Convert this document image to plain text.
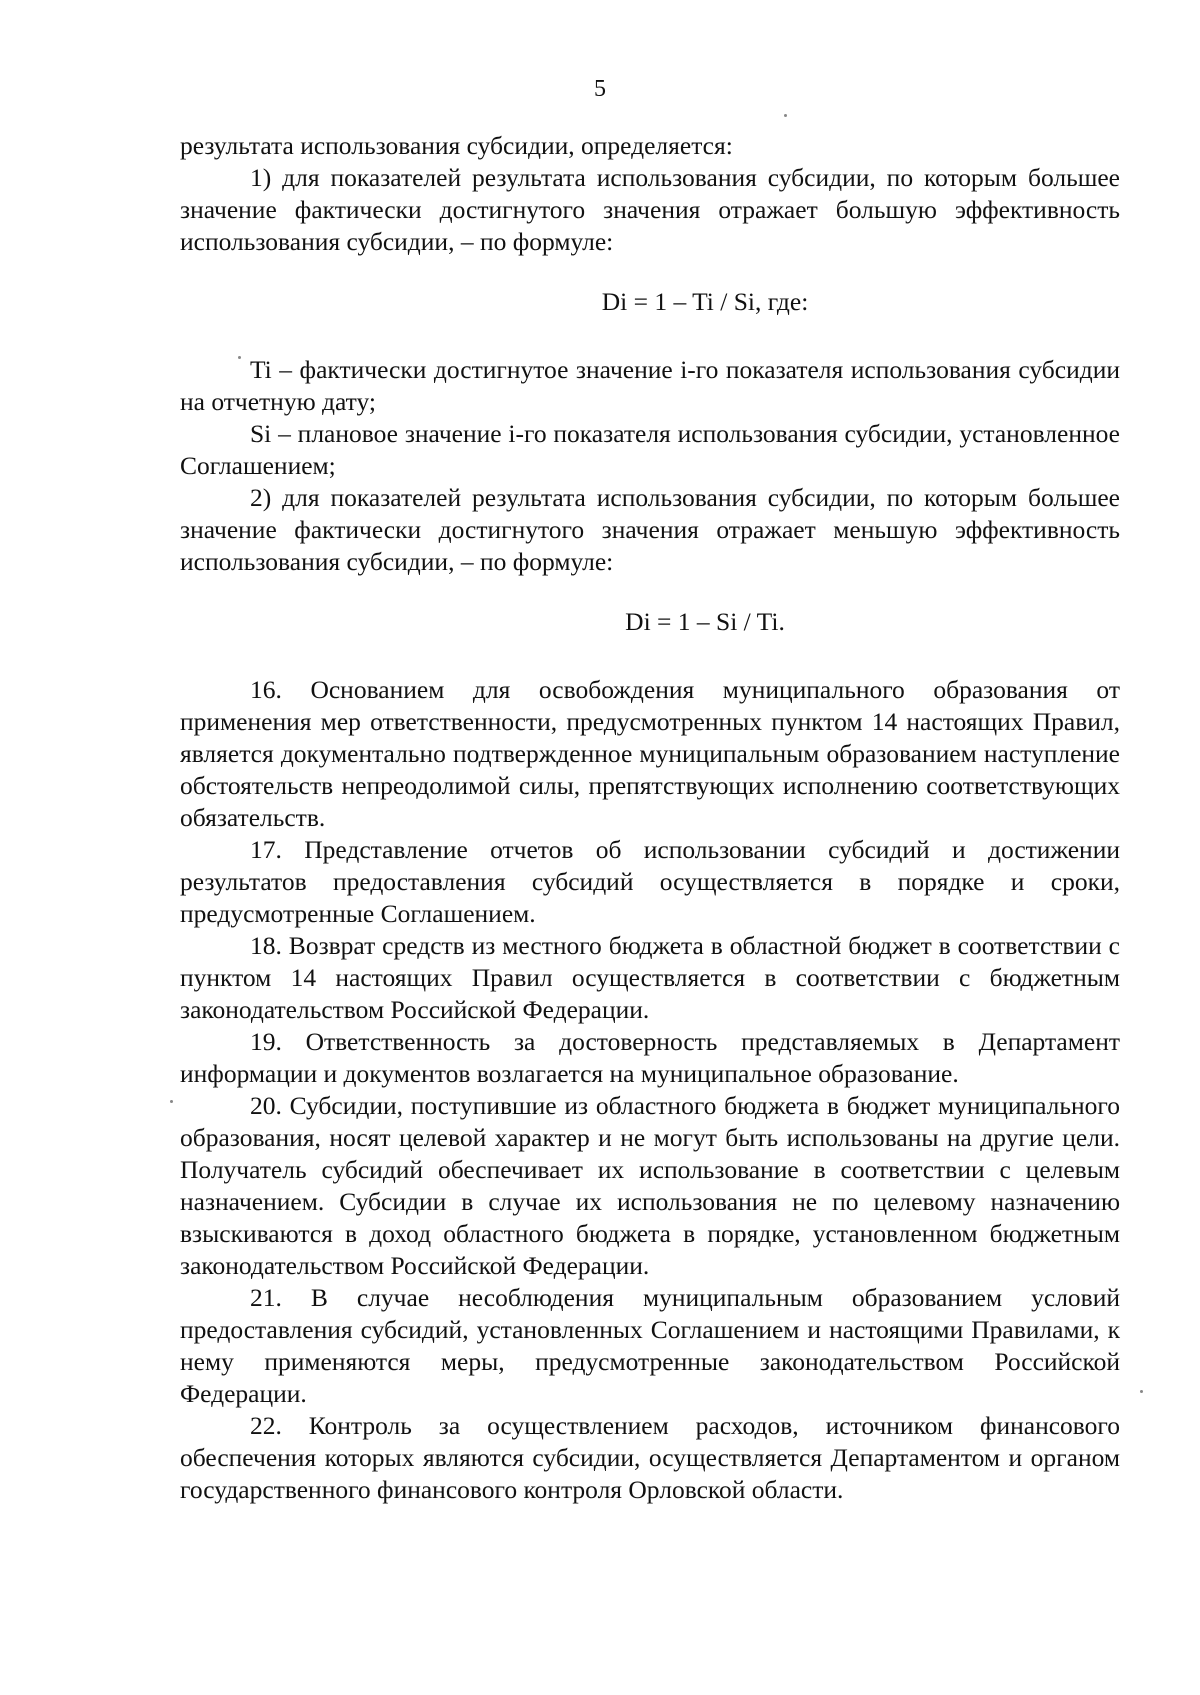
5

результата использования субсидии, определяется:

1) для показателей результата использования субсидии, по которым большее значение фактически достигнутого значения отражает большую эффективность использования субсидии, – по формуле:

Di = 1 – Ti / Si, где:

Ti – фактически достигнутое значение i-го показателя использования субсидии на отчетную дату;

Si – плановое значение i-го показателя использования субсидии, установленное Соглашением;

2) для показателей результата использования субсидии, по которым большее значение фактически достигнутого значения отражает меньшую эффективность использования субсидии, – по формуле:

Di = 1 – Si / Ti.

16. Основанием для освобождения муниципального образования от применения мер ответственности, предусмотренных пунктом 14 настоящих Правил, является документально подтвержденное муниципальным образованием наступление обстоятельств непреодолимой силы, препятствующих исполнению соответствующих обязательств.

17. Представление отчетов об использовании субсидий и достижении результатов предоставления субсидий осуществляется в порядке и сроки, предусмотренные Соглашением.

18. Возврат средств из местного бюджета в областной бюджет в соответствии с пунктом 14 настоящих Правил осуществляется в соответствии с бюджетным законодательством Российской Федерации.

19. Ответственность за достоверность представляемых в Департамент информации и документов возлагается на муниципальное образование.

20. Субсидии, поступившие из областного бюджета в бюджет муниципального образования, носят целевой характер и не могут быть использованы на другие цели. Получатель субсидий обеспечивает их использование в соответствии с целевым назначением. Субсидии в случае их использования не по целевому назначению взыскиваются в доход областного бюджета в порядке, установленном бюджетным законодательством Российской Федерации.

21. В случае несоблюдения муниципальным образованием условий предоставления субсидий, установленных Соглашением и настоящими Правилами, к нему применяются меры, предусмотренные законодательством Российской Федерации.

22. Контроль за осуществлением расходов, источником финансового обеспечения которых являются субсидии, осуществляется Департаментом и органом государственного финансового контроля Орловской области.
